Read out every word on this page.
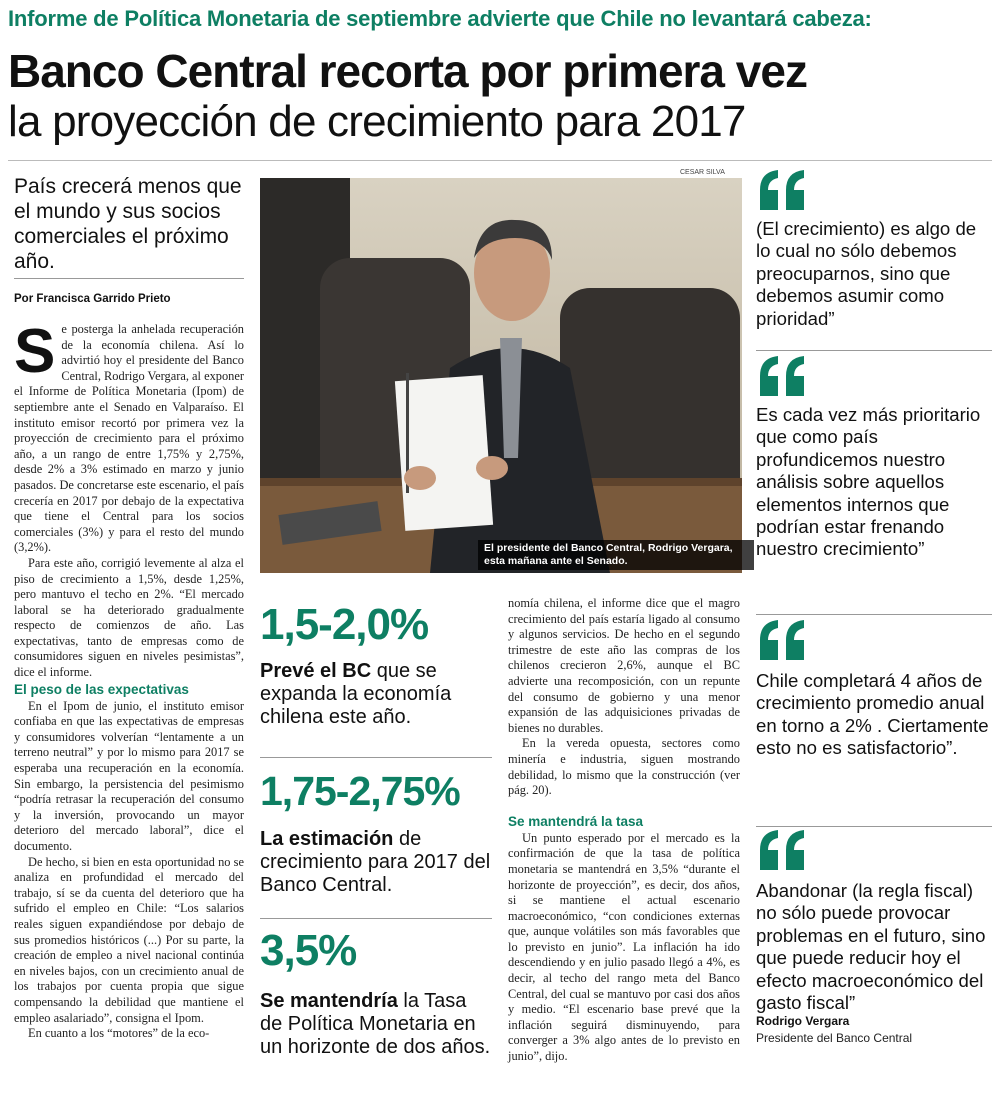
Informe de Política Monetaria de septiembre advierte que Chile no levantará cabeza:
Banco Central recorta por primera vez
la proyección de crecimiento para 2017
País crecerá menos que el mundo y sus socios comerciales el próximo año.
Por Francisca Garrido Prieto
S e posterga la anhelada recuperación de la economía chilena. Así lo advirtió hoy el presidente del Banco Central, Rodrigo Vergara, al exponer el Informe de Política Monetaria (Ipom) de septiembre ante el Senado en Valparaíso. El instituto emisor recortó por primera vez la proyección de crecimiento para el próximo año, a un rango de entre 1,75% y 2,75%, desde 2% a 3% estimado en marzo y junio pasados. De concretarse este escenario, el país crecería en 2017 por debajo de la expectativa que tiene el Central para los socios comerciales (3%) y para el resto del mundo (3,2%).

Para este año, corrigió levemente al alza el piso de crecimiento a 1,5%, desde 1,25%, pero mantuvo el techo en 2%. “El mercado laboral se ha deteriorado gradualmente respecto de comienzos de año. Las expectativas, tanto de empresas como de consumidores siguen en niveles pesimistas”, dice el informe.

El peso de las expectativas

En el Ipom de junio, el instituto emisor confiaba en que las expectativas de empresas y consumidores volverían “lentamente a un terreno neutral” y por lo mismo para 2017 se esperaba una recuperación en la economía. Sin embargo, la persistencia del pesimismo “podría retrasar la recuperación del consumo y la inversión, provocando un mayor deterioro del mercado laboral”, dice el documento.

De hecho, si bien en esta oportunidad no se analiza en profundidad el mercado del trabajo, sí se da cuenta del deterioro que ha sufrido el empleo en Chile: “Los salarios reales siguen expandiéndose por debajo de sus promedios históricos (...) Por su parte, la creación de empleo a nivel nacional continúa en niveles bajos, con un crecimiento anual de los trabajos por cuenta propia que sigue compensando la debilidad que mantiene el empleo asalariado”, consigna el Ipom.

En cuanto a los “motores” de la eco-

CESAR SILVA
El presidente del Banco Central, Rodrigo Vergara, esta mañana ante el Senado.
1,5-2,0%
Prevé el BC que se expanda la economía chilena este año.
1,75-2,75%
La estimación de crecimiento para 2017 del Banco Central.
3,5%
Se mantendría la Tasa de Política Monetaria en un horizonte de dos años.

nomía chilena, el informe dice que el magro crecimiento del país estaría ligado al consumo y algunos servicios. De hecho en el segundo trimestre de este año las compras de los chilenos crecieron 2,6%, aunque el BC advierte una recomposición, con un repunte del consumo de gobierno y una menor expansión de las adquisiciones privadas de bienes no durables.

En la vereda opuesta, sectores como minería e industria, siguen mostrando debilidad, lo mismo que la construcción (ver pág. 20).

Se mantendrá la tasa

Un punto esperado por el mercado es la confirmación de que la tasa de política monetaria se mantendrá en 3,5% “durante el horizonte de proyección”, es decir, dos años, si se mantiene el actual escenario macroeconómico, “con condiciones externas que, aunque volátiles son más favorables que lo previsto en junio”. La inflación ha ido descendiendo y en julio pasado llegó a 4%, es decir, al techo del rango meta del Banco Central, del cual se mantuvo por casi dos años y medio. “El escenario base prevé que la inflación seguirá disminuyendo, para converger a 3% algo antes de lo previsto en junio”, dijo.

(El crecimiento) es algo de lo cual no sólo debemos preocuparnos, sino que debemos asumir como prioridad”
Es cada vez más prioritario que como país profundicemos nuestro análisis sobre aquellos elementos internos que podrían estar frenando nuestro crecimiento”
Chile completará 4 años de crecimiento promedio anual en torno a 2% . Ciertamente esto no es satisfactorio”.
Abandonar (la regla fiscal) no sólo puede provocar problemas en el futuro, sino que puede reducir hoy el efecto macroeconómico del gasto fiscal”
Rodrigo Vergara
Presidente del Banco Central
